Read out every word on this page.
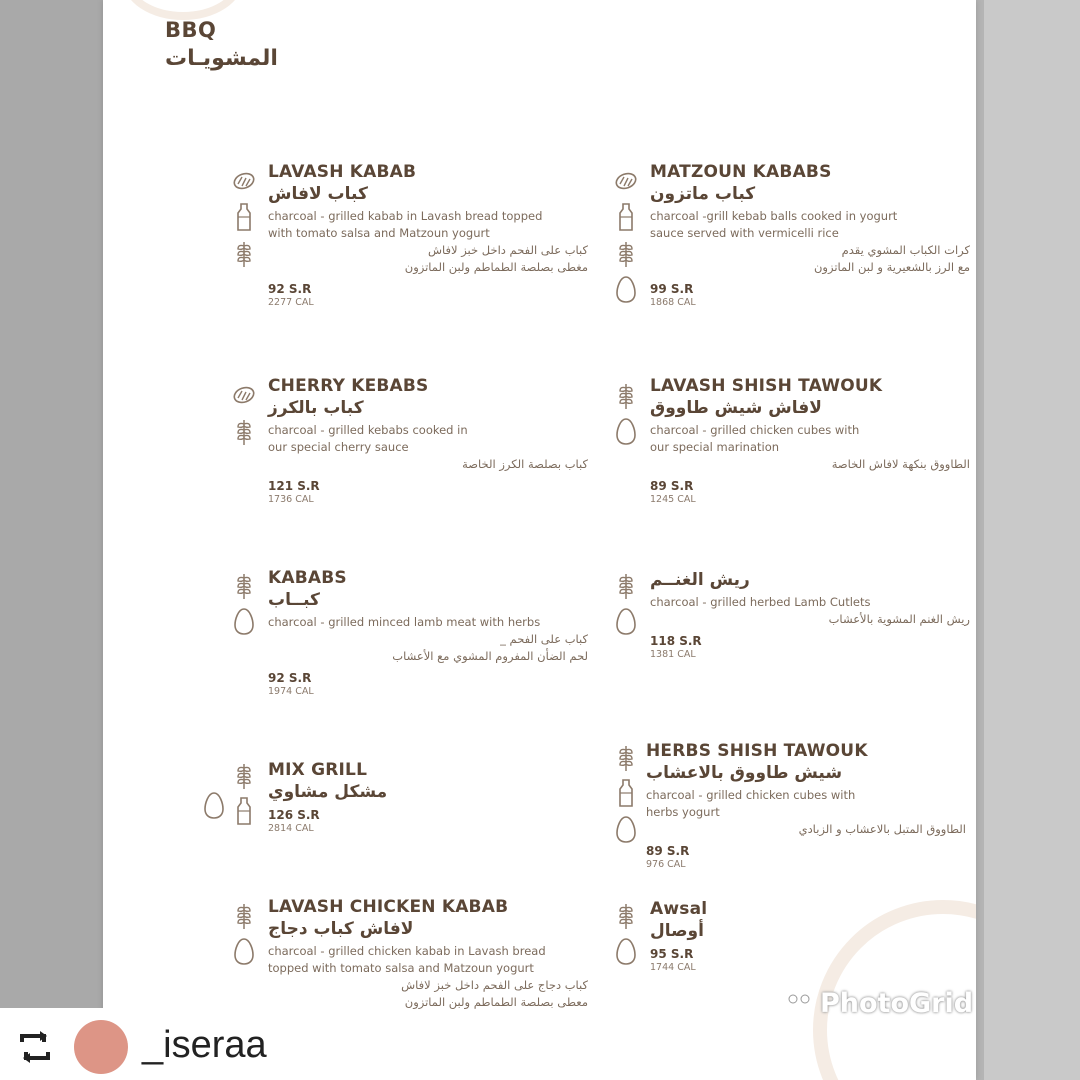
BBQ
المشويـات
LAVASH KABAB
كباب لافاش
charcoal - grilled kabab in Lavash bread topped
with tomato salsa and Matzoun yogurt
كباب على الفحم داخل خبز لافاش
مغطى بصلصة الطماطم ولبن الماتزون
92 S.R
2277 CAL
MATZOUN KABABS
كباب ماتزون
charcoal -grill kebab balls cooked in yogurt
sauce served with vermicelli rice
كرات الكباب المشوي يقدم
مع الرز بالشعيرية و لبن الماتزون
99 S.R
1868 CAL
CHERRY KEBABS
كباب بالكرز
charcoal - grilled kebabs cooked in
our special cherry sauce
كباب بصلصة الكرز الخاصة
121 S.R
1736 CAL
LAVASH SHISH TAWOUK
لافاش شيش طاووق
charcoal - grilled chicken cubes with
our special marination
الطاووق بنكهة لافاش الخاصة
89 S.R
1245 CAL
KABABS
كبــاب
charcoal - grilled minced lamb meat with herbs
كباب على الفحم _
لحم الضأن المفروم المشوي مع الأعشاب
92 S.R
1974 CAL
ريش الغنــم
charcoal - grilled herbed Lamb Cutlets
ريش الغنم المشوية بالأعشاب
118 S.R
1381 CAL
MIX GRILL
مشكل مشاوي
126 S.R
2814 CAL
HERBS SHISH TAWOUK
شيش طاووق بالاعشاب
charcoal - grilled chicken cubes with
herbs yogurt
الطاووق المتبل بالاعشاب و الزبادي
89 S.R
976 CAL
LAVASH CHICKEN KABAB
لافاش كباب دجاج
charcoal - grilled chicken kabab in Lavash bread
topped with tomato salsa and Matzoun yogurt
كباب دجاج على الفحم داخل خبز لافاش
معطى بصلصة الطماطم ولبن الماتزون
Awsal
أوصال
95 S.R
1744 CAL
PhotoGrid
_iseraa
